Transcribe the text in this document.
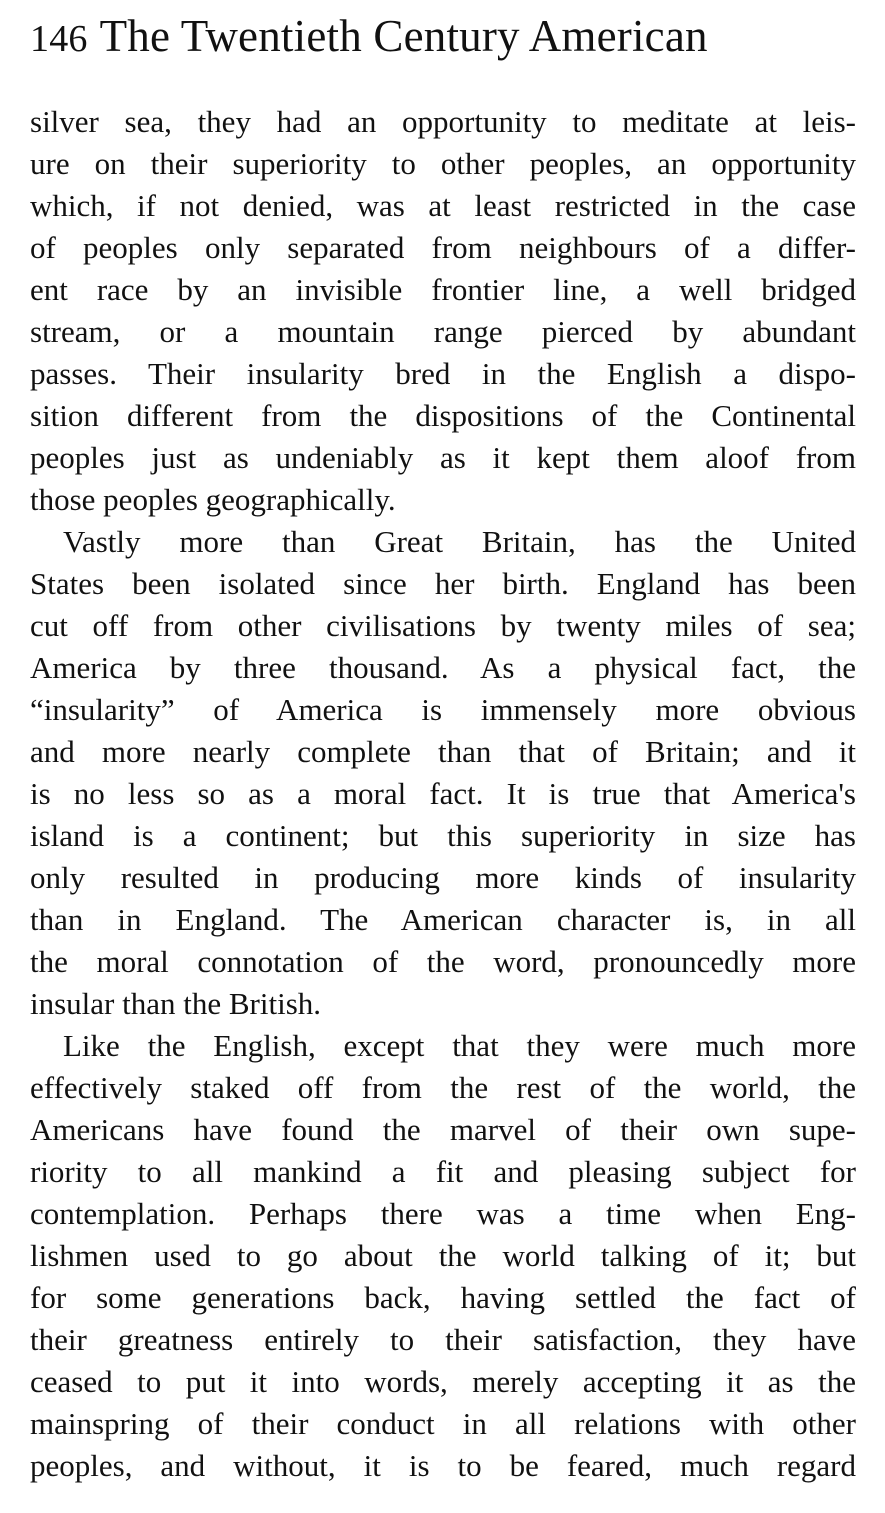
146 The Twentieth Century American
silver sea, they had an opportunity to meditate at leis-
ure on their superiority to other peoples, an opportunity
which, if not denied, was at least restricted in the case
of peoples only separated from neighbours of a differ-
ent race by an invisible frontier line, a well bridged
stream, or a mountain range pierced by abundant
passes. Their insularity bred in the English a dispo-
sition different from the dispositions of the Continental
peoples just as undeniably as it kept them aloof from
those peoples geographically.
Vastly more than Great Britain, has the United
States been isolated since her birth. England has been
cut off from other civilisations by twenty miles of sea;
America by three thousand. As a physical fact, the
“insularity” of America is immensely more obvious
and more nearly complete than that of Britain; and it
is no less so as a moral fact. It is true that America's
island is a continent; but this superiority in size has
only resulted in producing more kinds of insularity
than in England. The American character is, in all
the moral connotation of the word, pronouncedly more
insular than the British.
Like the English, except that they were much more
effectively staked off from the rest of the world, the
Americans have found the marvel of their own supe-
riority to all mankind a fit and pleasing subject for
contemplation. Perhaps there was a time when Eng-
lishmen used to go about the world talking of it; but
for some generations back, having settled the fact of
their greatness entirely to their satisfaction, they have
ceased to put it into words, merely accepting it as the
mainspring of their conduct in all relations with other
peoples, and without, it is to be feared, much regard
